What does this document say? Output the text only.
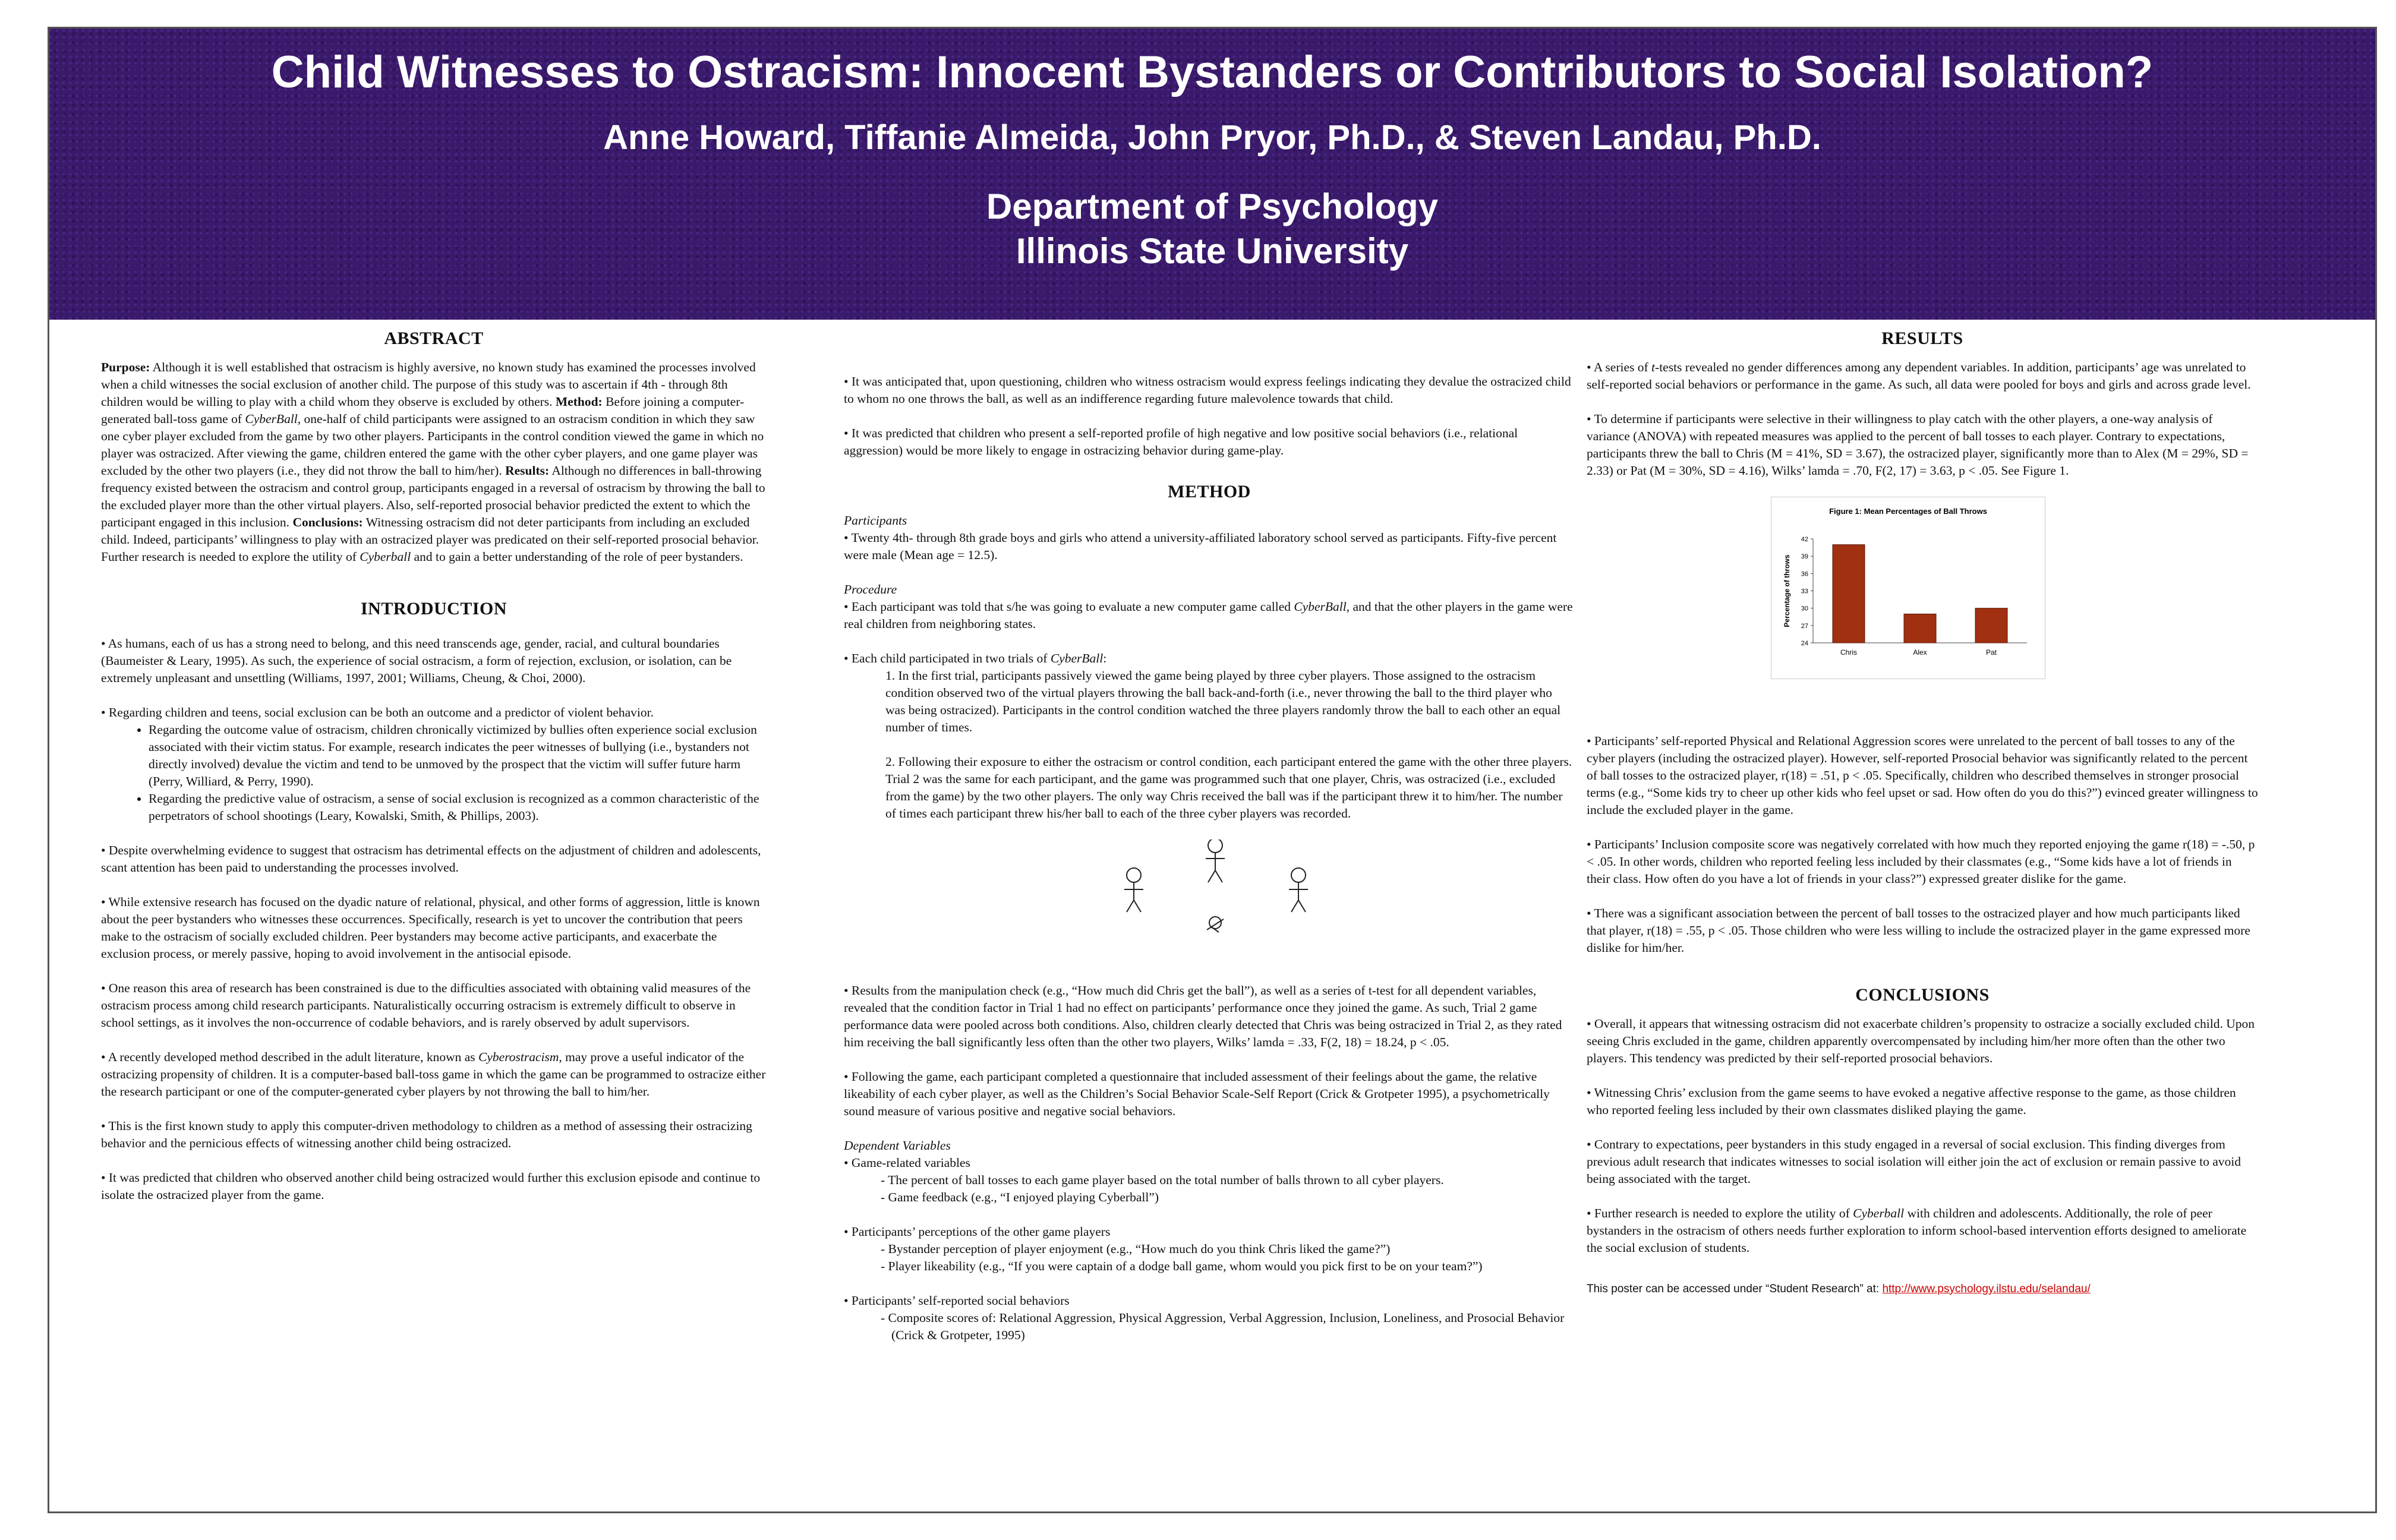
Child Witnesses to Ostracism: Innocent Bystanders or Contributors to Social Isolation?
Anne Howard, Tiffanie Almeida, John Pryor, Ph.D., & Steven Landau, Ph.D.
Department of Psychology
Illinois State University
ABSTRACT

Purpose: Although it is well established that ostracism is highly aversive, no known study has examined the processes involved when a child witnesses the social exclusion of another child. The purpose of this study was to ascertain if 4th - through 8th children would be willing to play with a child whom they observe is excluded by others. Method: Before joining a computer-generated ball-toss game of CyberBall, one-half of child participants were assigned to an ostracism condition in which they saw one cyber player excluded from the game by two other players. Participants in the control condition viewed the game in which no player was ostracized. After viewing the game, children entered the game with the other cyber players, and one game player was excluded by the other two players (i.e., they did not throw the ball to him/her). Results: Although no differences in ball-throwing frequency existed between the ostracism and control group, participants engaged in a reversal of ostracism by throwing the ball to the excluded player more than the other virtual players. Also, self-reported prosocial behavior predicted the extent to which the participant engaged in this inclusion. Conclusions: Witnessing ostracism did not deter participants from including an excluded child. Indeed, participants’ willingness to play with an ostracized player was predicated on their self-reported prosocial behavior. Further research is needed to explore the utility of Cyberball and to gain a better understanding of the role of peer bystanders.

INTRODUCTION

• As humans, each of us has a strong need to belong, and this need transcends age, gender, racial, and cultural boundaries (Baumeister & Leary, 1995). As such, the experience of social ostracism, a form of rejection, exclusion, or isolation, can be extremely unpleasant and unsettling (Williams, 1997, 2001; Williams, Cheung, & Choi, 2000).

• Regarding children and teens, social exclusion can be both an outcome and a predictor of violent behavior.

• Regarding the outcome value of ostracism, children chronically victimized by bullies often experience social exclusion associated with their victim status. For example, research indicates the peer witnesses of bullying (i.e., bystanders not directly involved) devalue the victim and tend to be unmoved by the prospect that the victim will suffer future harm (Perry, Williard, & Perry, 1990).
• Regarding the predictive value of ostracism, a sense of social exclusion is recognized as a common characteristic of the perpetrators of school shootings (Leary, Kowalski, Smith, & Phillips, 2003).

• Despite overwhelming evidence to suggest that ostracism has detrimental effects on the adjustment of children and adolescents, scant attention has been paid to understanding the processes involved.

• While extensive research has focused on the dyadic nature of relational, physical, and other forms of aggression, little is known about the peer bystanders who witnesses these occurrences. Specifically, research is yet to uncover the contribution that peers make to the ostracism of socially excluded children. Peer bystanders may become active participants, and exacerbate the exclusion process, or merely passive, hoping to avoid involvement in the antisocial episode.

• One reason this area of research has been constrained is due to the difficulties associated with obtaining valid measures of the ostracism process among child research participants. Naturalistically occurring ostracism is extremely difficult to observe in school settings, as it involves the non-occurrence of codable behaviors, and is rarely observed by adult supervisors.

• A recently developed method described in the adult literature, known as Cyberostracism, may prove a useful indicator of the ostracizing propensity of children. It is a computer-based ball-toss game in which the game can be programmed to ostracize either the research participant or one of the computer-generated cyber players by not throwing the ball to him/her.

• This is the first known study to apply this computer-driven methodology to children as a method of assessing their ostracizing behavior and the pernicious effects of witnessing another child being ostracized.

• It was predicted that children who observed another child being ostracized would further this exclusion episode and continue to isolate the ostracized player from the game.

• It was anticipated that, upon questioning, children who witness ostracism would express feelings indicating they devalue the ostracized child to whom no one throws the ball, as well as an indifference regarding future malevolence towards that child.

• It was predicted that children who present a self-reported profile of high negative and low positive social behaviors (i.e., relational aggression) would be more likely to engage in ostracizing behavior during game-play.

METHOD
Participants

• Twenty 4th- through 8th grade boys and girls who attend a university-affiliated laboratory school served as participants. Fifty-five percent were male (Mean age = 12.5).

Procedure

• Each participant was told that s/he was going to evaluate a new computer game called CyberBall, and that the other players in the game were real children from neighboring states.

• Each child participated in two trials of CyberBall:

1. In the first trial, participants passively viewed the game being played by three cyber players. Those assigned to the ostracism condition observed two of the virtual players throwing the ball back-and-forth (i.e., never throwing the ball to the third player who was being ostracized). Participants in the control condition watched the three players randomly throw the ball to each other an equal number of times.

2. Following their exposure to either the ostracism or control condition, each participant entered the game with the other three players. Trial 2 was the same for each participant, and the game was programmed such that one player, Chris, was ostracized (i.e., excluded from the game) by the two other players. The only way Chris received the ball was if the participant threw it to him/her. The number of times each participant threw his/her ball to each of the three cyber players was recorded.

• Results from the manipulation check (e.g., “How much did Chris get the ball”), as well as a series of t-test for all dependent variables, revealed that the condition factor in Trial 1 had no effect on participants’ performance once they joined the game. As such, Trial 2 game performance data were pooled across both conditions. Also, children clearly detected that Chris was being ostracized in Trial 2, as they rated him receiving the ball significantly less often than the other two players, Wilks’ lamda = .33, F(2, 18) = 18.24, p < .05.

• Following the game, each participant completed a questionnaire that included assessment of their feelings about the game, the relative likeability of each cyber player, as well as the Children’s Social Behavior Scale-Self Report (Crick & Grotpeter 1995), a psychometrically sound measure of various positive and negative social behaviors.

Dependent Variables
• Game-related variables
- The percent of ball tosses to each game player based on the total number of balls thrown to all cyber players.
- Game feedback (e.g., “I enjoyed playing Cyberball”)
• Participants’ perceptions of the other game players
- Bystander perception of player enjoyment (e.g., “How much do you think Chris liked the game?”)
- Player likeability (e.g., “If you were captain of a dodge ball game, whom would you pick first to be on your team?”)
• Participants’ self-reported social behaviors
- Composite scores of: Relational Aggression, Physical Aggression, Verbal Aggression, Inclusion, Loneliness, and Prosocial Behavior (Crick & Grotpeter, 1995)
RESULTS

• A series of t-tests revealed no gender differences among any dependent variables. In addition, participants’ age was unrelated to self-reported social behaviors or performance in the game. As such, all data were pooled for boys and girls and across grade level.

• To determine if participants were selective in their willingness to play catch with the other players, a one-way analysis of variance (ANOVA) with repeated measures was applied to the percent of ball tosses to each player. Contrary to expectations, participants threw the ball to Chris (M = 41%, SD = 3.67), the ostracized player, significantly more than to Alex (M = 29%, SD = 2.33) or Pat (M = 30%, SD = 4.16), Wilks’ lamda = .70, F(2, 17) = 3.63, p < .05. See Figure 1.

Figure 1: Mean Percentages of Ball Throws
Percentage of throws
24
27
30
33
36
39
42
Chris	Alex	Pat

• Participants’ self-reported Physical and Relational Aggression scores were unrelated to the percent of ball tosses to any of the cyber players (including the ostracized player). However, self-reported Prosocial behavior was significantly related to the percent of ball tosses to the ostracized player, r(18) = .51, p < .05. Specifically, children who described themselves in stronger prosocial terms (e.g., “Some kids try to cheer up other kids who feel upset or sad. How often do you do this?”) evinced greater willingness to include the excluded player in the game.

• Participants’ Inclusion composite score was negatively correlated with how much they reported enjoying the game r(18) = -.50, p < .05. In other words, children who reported feeling less included by their classmates (e.g., “Some kids have a lot of friends in their class. How often do you have a lot of friends in your class?”) expressed greater dislike for the game.

• There was a significant association between the percent of ball tosses to the ostracized player and how much participants liked that player, r(18) = .55, p < .05. Those children who were less willing to include the ostracized player in the game expressed more dislike for him/her.

CONCLUSIONS

• Overall, it appears that witnessing ostracism did not exacerbate children’s propensity to ostracize a socially excluded child. Upon seeing Chris excluded in the game, children apparently overcompensated by including him/her more often than the other two players. This tendency was predicted by their self-reported prosocial behaviors.

• Witnessing Chris’ exclusion from the game seems to have evoked a negative affective response to the game, as those children who reported feeling less included by their own classmates disliked playing the game.

• Contrary to expectations, peer bystanders in this study engaged in a reversal of social exclusion. This finding diverges from previous adult research that indicates witnesses to social isolation will either join the act of exclusion or remain passive to avoid being associated with the target.

• Further research is needed to explore the utility of Cyberball with children and adolescents. Additionally, the role of peer bystanders in the ostracism of others needs further exploration to inform school-based intervention efforts designed to ameliorate the social exclusion of students.

This poster can be accessed under “Student Research” at: http://www.psychology.ilstu.edu/selandau/
